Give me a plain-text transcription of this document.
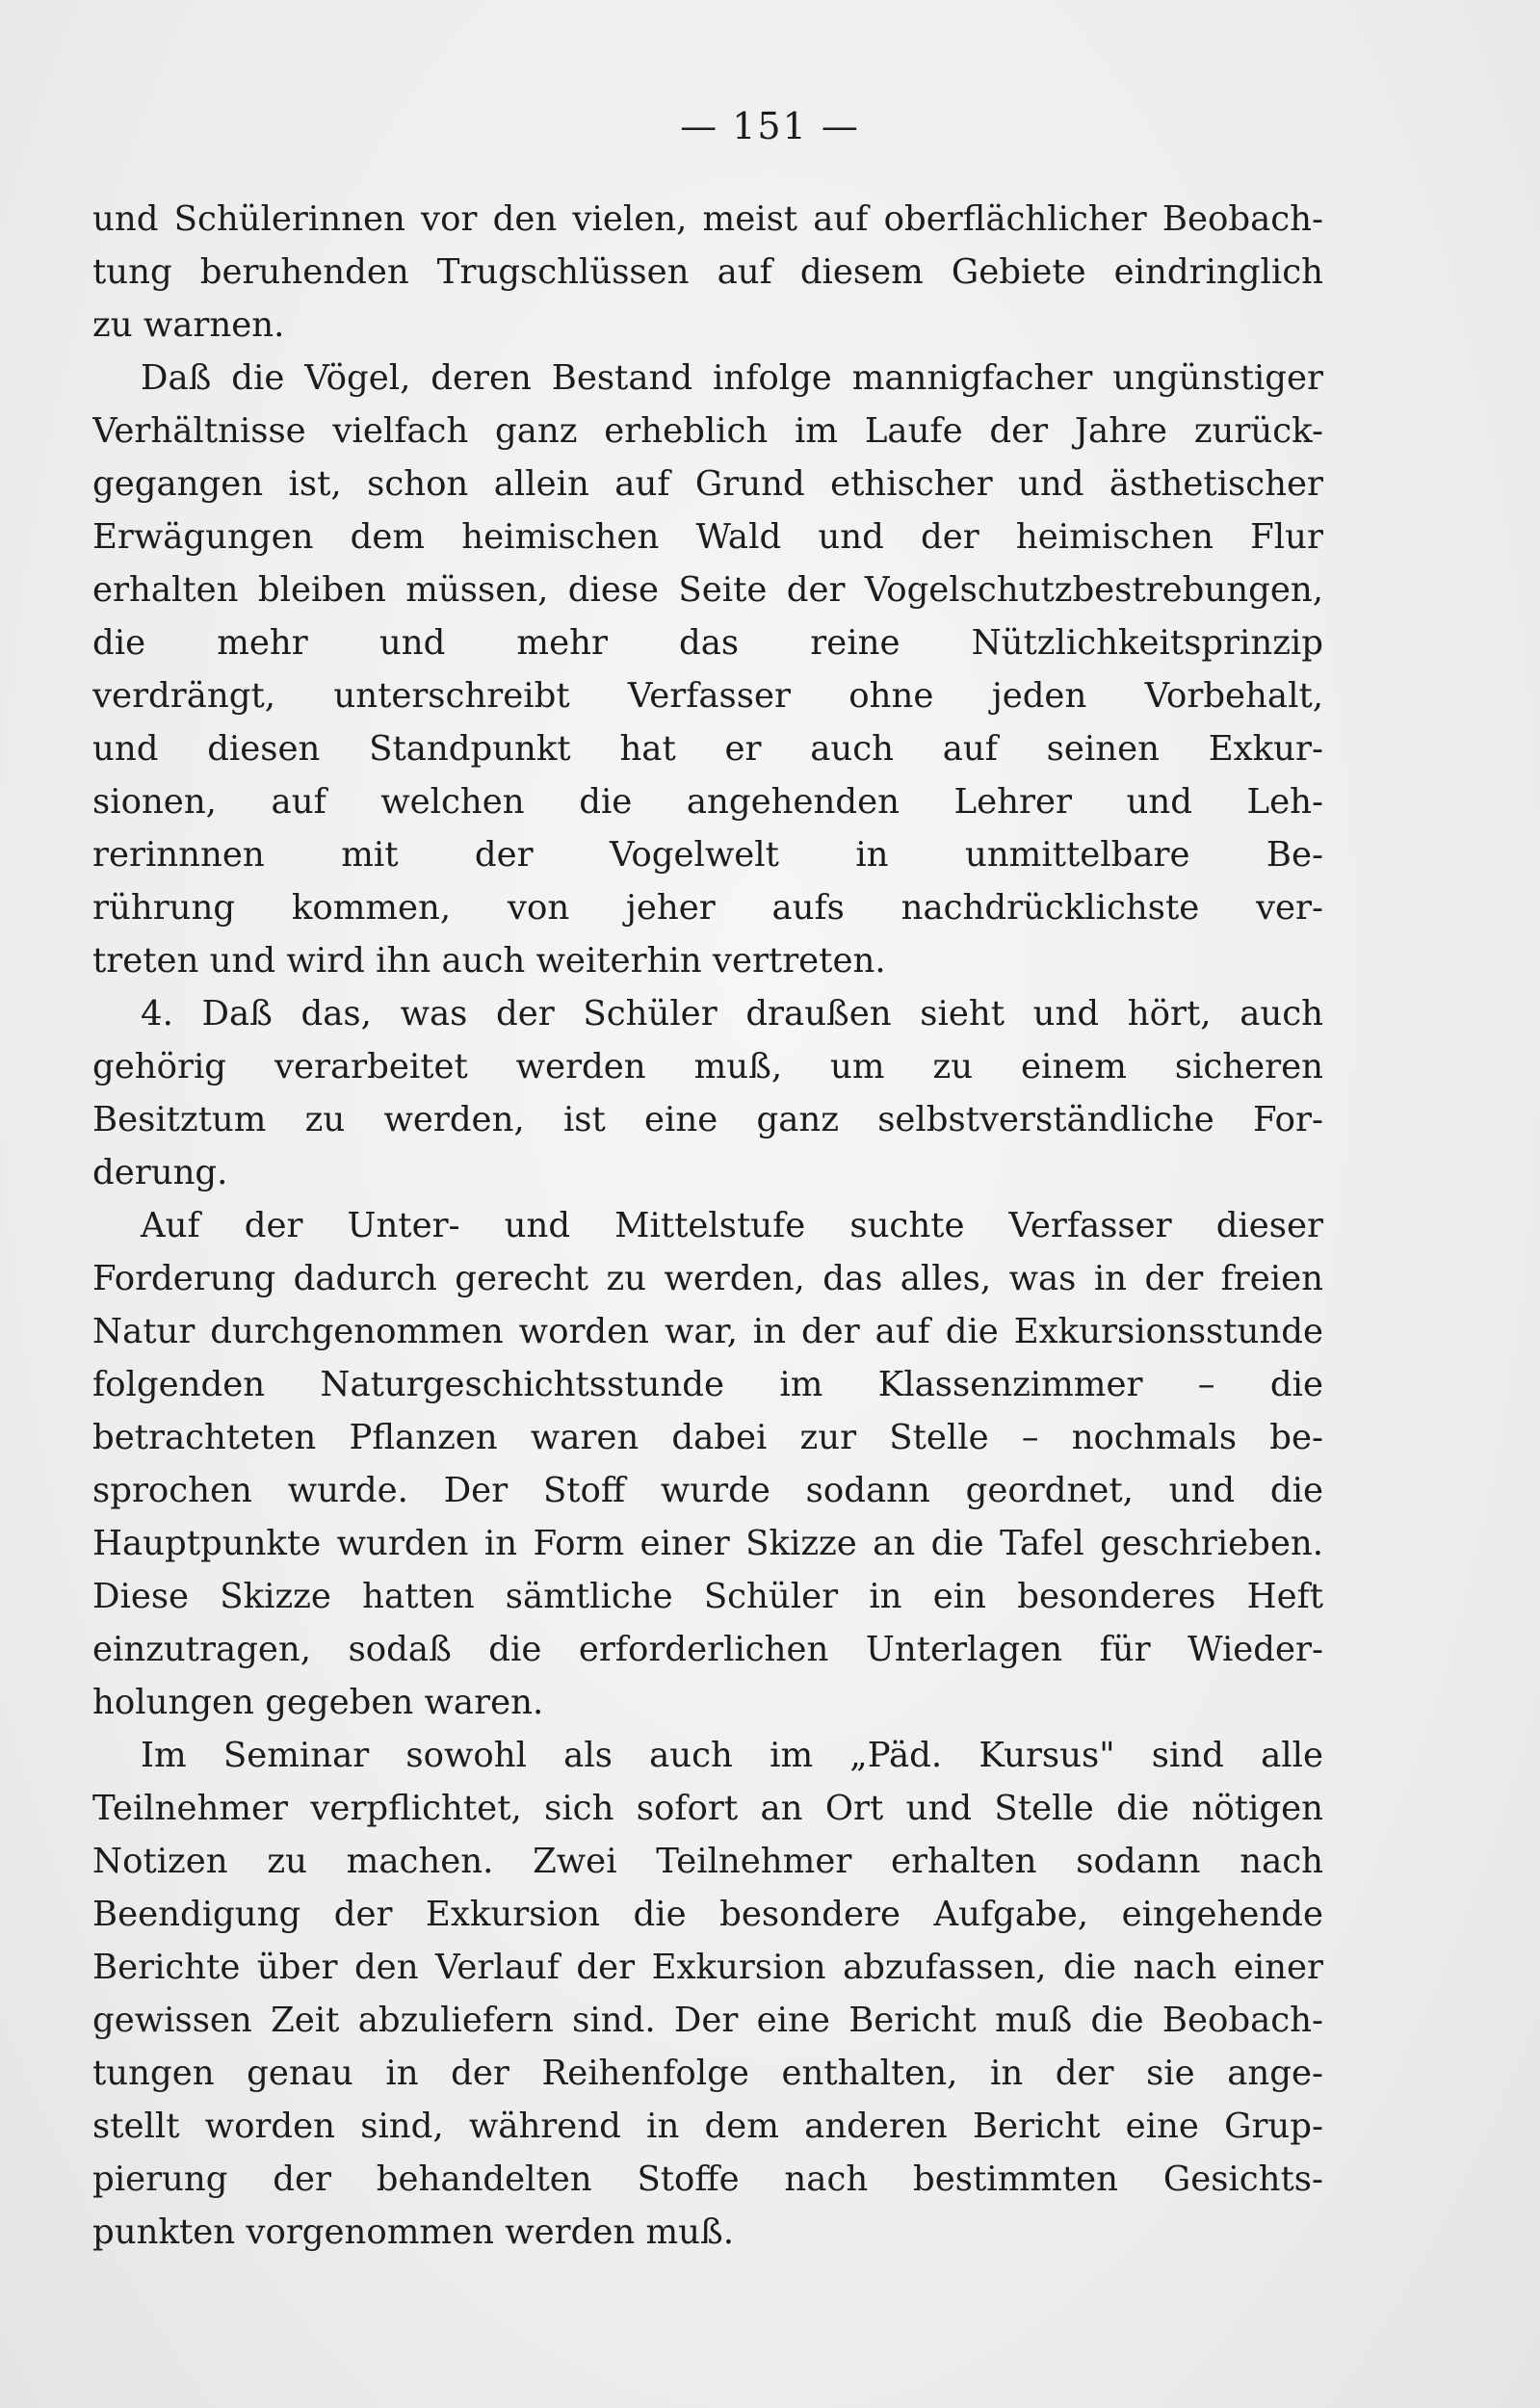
— 151 —
und Schülerinnen vor den vielen, meist auf oberflächlicher Beobach-
tung beruhenden Trugschlüssen auf diesem Gebiete eindringlich
zu warnen.
Daß die Vögel, deren Bestand infolge mannigfacher ungünstiger
Verhältnisse vielfach ganz erheblich im Laufe der Jahre zurück-
gegangen ist, schon allein auf Grund ethischer und ästhetischer
Erwägungen dem heimischen Wald und der heimischen Flur
erhalten bleiben müssen, diese Seite der Vogelschutzbestrebungen,
die mehr und mehr das reine Nützlichkeitsprinzip
verdrängt, unterschreibt Verfasser ohne jeden Vorbehalt,
und diesen Standpunkt hat er auch auf seinen Exkur-
sionen, auf welchen die angehenden Lehrer und Leh-
rerinnnen mit der Vogelwelt in unmittelbare Be-
rührung kommen, von jeher aufs nachdrücklichste ver-
treten und wird ihn auch weiterhin vertreten.
4. Daß das, was der Schüler draußen sieht und hört, auch
gehörig verarbeitet werden muß, um zu einem sicheren
Besitztum zu werden, ist eine ganz selbstverständliche For-
derung.
Auf der Unter- und Mittelstufe suchte Verfasser dieser
Forderung dadurch gerecht zu werden, das alles, was in der freien
Natur durchgenommen worden war, in der auf die Exkursionsstunde
folgenden Naturgeschichtsstunde im Klassenzimmer – die
betrachteten Pflanzen waren dabei zur Stelle – nochmals be-
sprochen wurde. Der Stoff wurde sodann geordnet, und die
Hauptpunkte wurden in Form einer Skizze an die Tafel geschrieben.
Diese Skizze hatten sämtliche Schüler in ein besonderes Heft
einzutragen, sodaß die erforderlichen Unterlagen für Wieder-
holungen gegeben waren.
Im Seminar sowohl als auch im „Päd. Kursus" sind alle
Teilnehmer verpflichtet, sich sofort an Ort und Stelle die nötigen
Notizen zu machen. Zwei Teilnehmer erhalten sodann nach
Beendigung der Exkursion die besondere Aufgabe, eingehende
Berichte über den Verlauf der Exkursion abzufassen, die nach einer
gewissen Zeit abzuliefern sind. Der eine Bericht muß die Beobach-
tungen genau in der Reihenfolge enthalten, in der sie ange-
stellt worden sind, während in dem anderen Bericht eine Grup-
pierung der behandelten Stoffe nach bestimmten Gesichts-
punkten vorgenommen werden muß.
